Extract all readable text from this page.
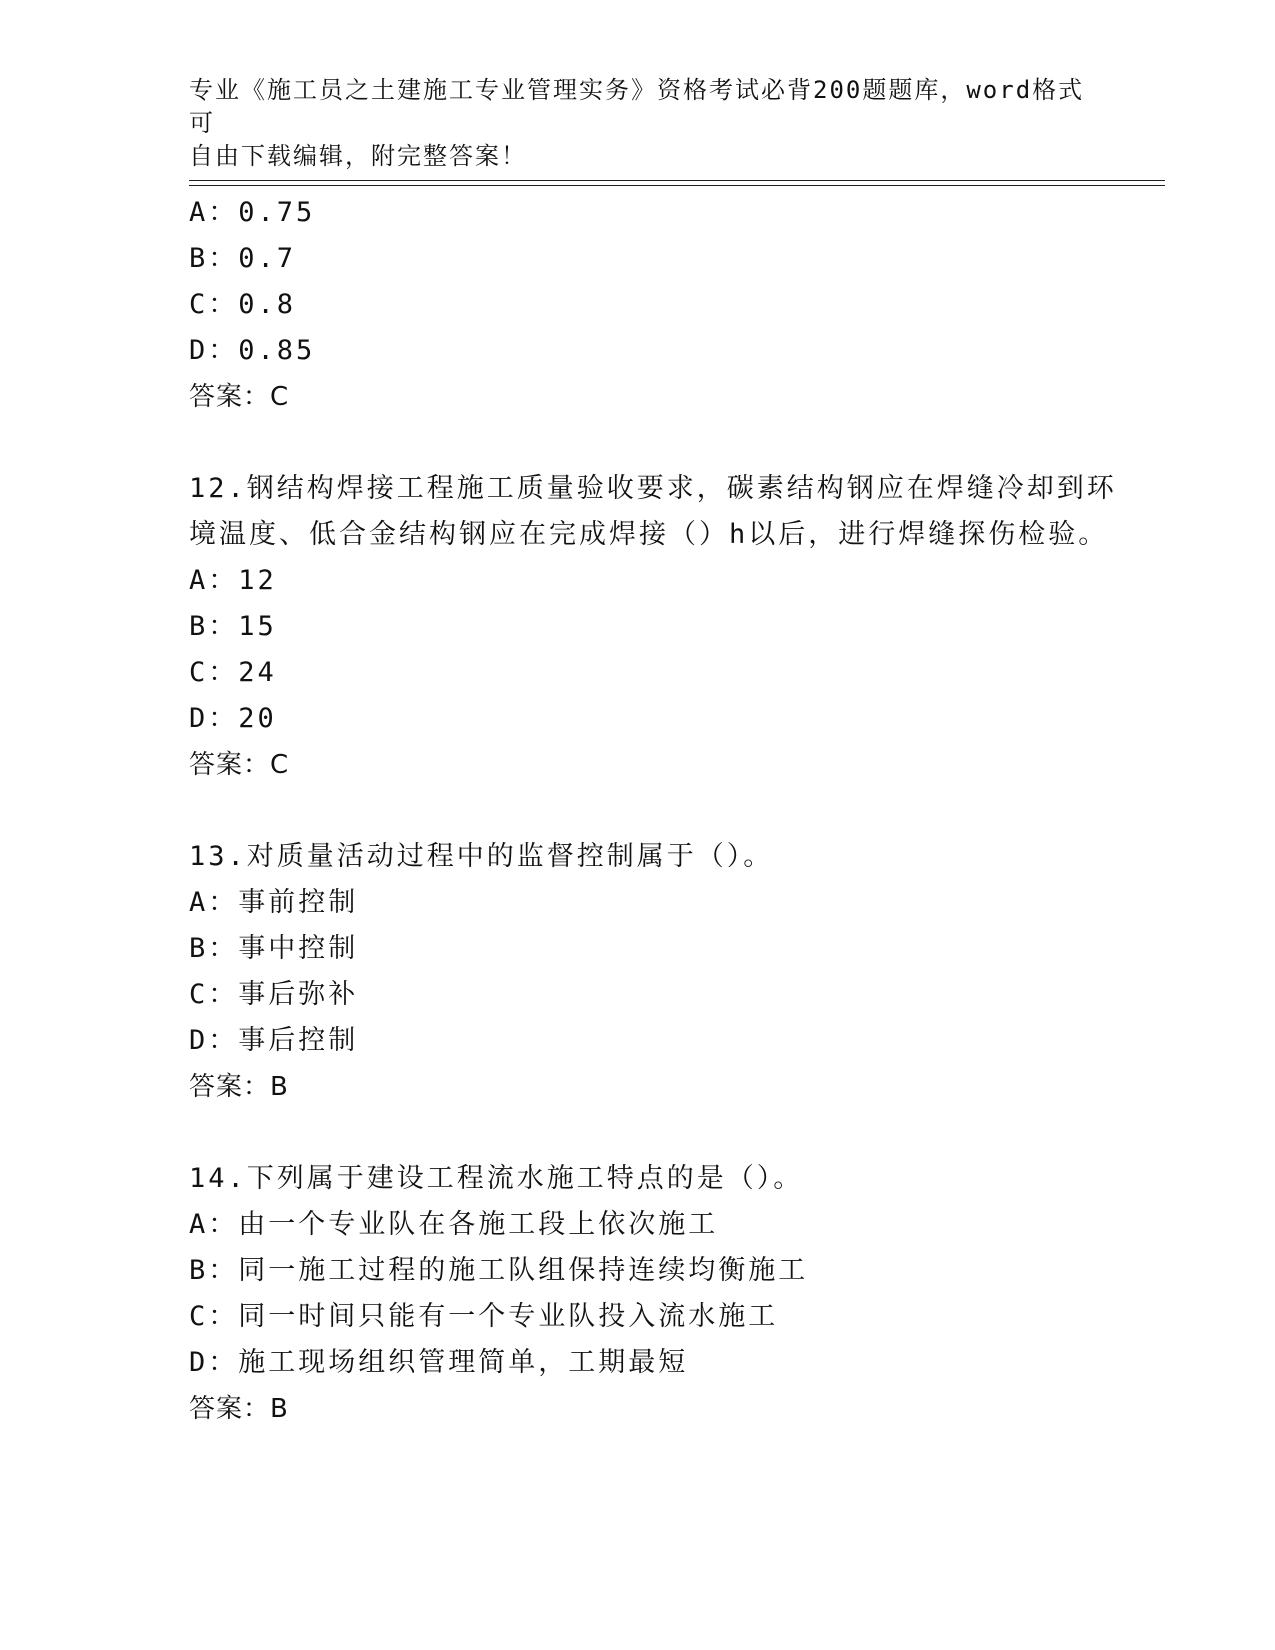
专业《施工员之土建施工专业管理实务》资格考试必背200题题库，word格式可
自由下载编辑，附完整答案！
A：0.75
B：0.7
C：0.8
D：0.85
答案：C
12.钢结构焊接工程施工质量验收要求，碳素结构钢应在焊缝冷却到环
境温度、低合金结构钢应在完成焊接（）h以后，进行焊缝探伤检验。
A：12
B：15
C：24
D：20
答案：C
13.对质量活动过程中的监督控制属于（）。
A：事前控制
B：事中控制
C：事后弥补
D：事后控制
答案：B
14.下列属于建设工程流水施工特点的是（）。
A：由一个专业队在各施工段上依次施工
B：同一施工过程的施工队组保持连续均衡施工
C：同一时间只能有一个专业队投入流水施工
D：施工现场组织管理简单，工期最短
答案：B
